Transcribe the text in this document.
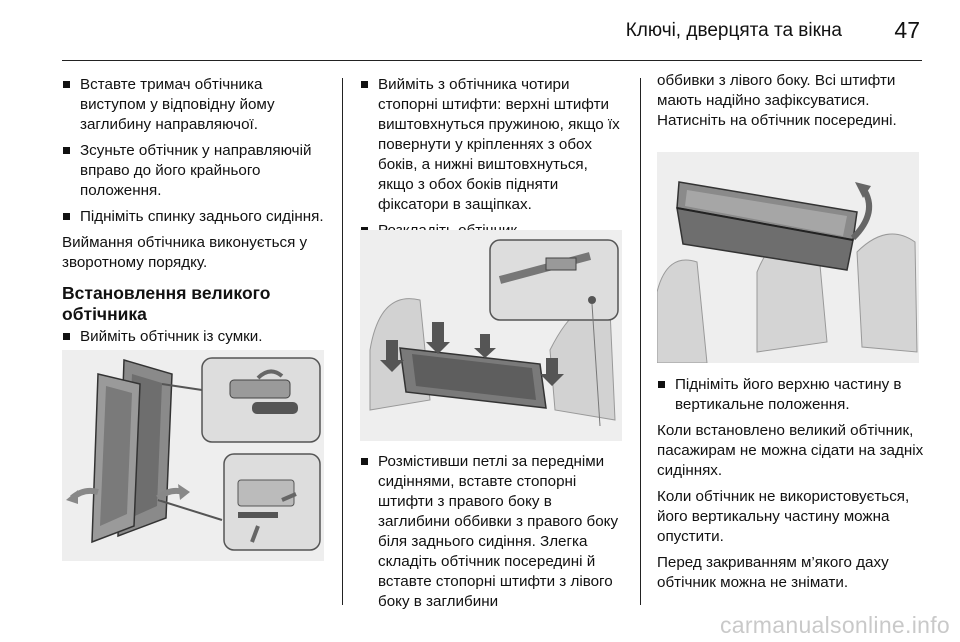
Ключі, дверцята та вікна 47
Вставте тримач обтічника виступом у відповідну йому заглибину направляючої.
Зсуньте обтічник у направляючій вправо до його крайнього положення.
Підніміть спинку заднього сидіння.

Виймання обтічника виконується у зворотному порядку.

Встановлення великого обтічника
Вийміть обтічник із сумки.
Вийміть з обтічника чотири стопорні штифти: верхні штифти виштовхнуться пружиною, якщо їх повернути у кріпленнях з обох боків, а нижні виштовхнуться, якщо з обох боків підняти фіксатори в защіпках.
Розмістивши петлі за передніми сидіннями, вставте стопорні штифти з правого боку в заглибини оббивки з правого боку біля заднього сидіння. Злегка складіть обтічник посередині й вставте стопорні штифти з лівого боку в заглибини

оббивки з лівого боку. Всі штифти мають надійно зафіксуватися. Натисніть на обтічник посередині.

Підніміть його верхню частину в вертикальне положення.

Коли встановлено великий обтічник, пасажирам не можна сідати на задніх сидіннях.

Коли обтічник не використовується, його вертикальну частину можна опустити.

Перед закриванням м’якого даху обтічник можна не знімати.

carmanualsonline.info
